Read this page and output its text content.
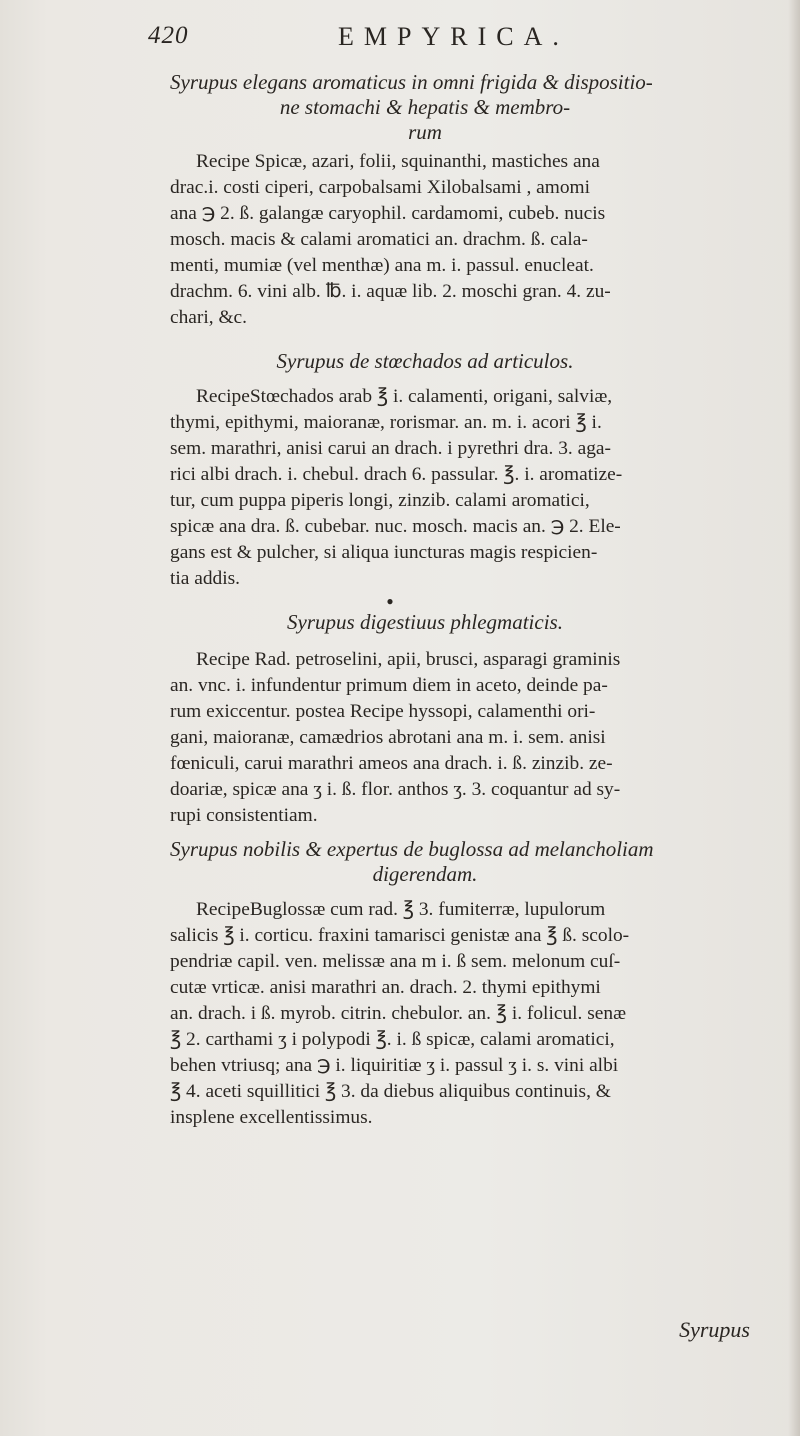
420	EMPYRICA.

Syrupus elegans aromaticus in omni frigida & dispositio-

ne stomachi & hepatis & membro-

rum

Recipe Spicæ, azari, folii, squinanthi, mastiches ana
drac.i. costi ciperi, carpobalsami Xilobalsami , amomi
ana ℈ 2. ß. galangæ caryophil. cardamomi, cubeb. nucis
mosch. macis & calami aromatici an. drachm. ß. cala-
menti, mumiæ (vel menthæ) ana m. i. passul. enucleat.
drachm. 6. vini alb. ℔. i. aquæ lib. 2. moschi gran. 4. zu-
chari, &c.

Syrupus de stœchados ad articulos.

RecipeStœchados arab ℥ i. calamenti, origani, salviæ,
thymi, epithymi, maioranæ, rorismar. an. m. i. acori ℥ i.
sem. marathri, anisi carui an drach. i pyrethri dra. 3. aga-
rici albi drach. i. chebul. drach 6. passular. ℥. i. aromatize-
tur, cum puppa piperis longi, zinzib. calami aromatici,
spicæ ana dra. ß. cubebar. nuc. mosch. macis an. ℈ 2. Ele-
gans est & pulcher, si aliqua iuncturas magis respicien-
tia addis.
●

Syrupus digestiuus phlegmaticis.

Recipe Rad. petroselini, apii, brusci, asparagi graminis
an. vnc. i. infundentur primum diem in aceto, deinde pa-
rum exiccentur. postea Recipe hyssopi, calamenthi ori-
gani, maioranæ, camædrios abrotani ana m. i. sem. anisi
fœniculi, carui marathri ameos ana drach. i. ß. zinzib. ze-
doariæ, spicæ ana ʒ i. ß. flor. anthos ʒ. 3. coquantur ad sy-
rupi consistentiam.

Syrupus nobilis & expertus de buglossa ad melancholiam

digerendam.

RecipeBuglossæ cum rad. ℥ 3. fumiterræ, lupulorum
salicis ℥ i. corticu. fraxini tamarisci genistæ ana ℥ ß. scolo-
pendriæ capil. ven. melissæ ana m i. ß sem. melonum cuſ-
cutæ vrticæ. anisi marathri an. drach. 2. thymi epithymi
an. drach. i ß. myrob. citrin. chebulor. an. ℥ i. folicul. senæ
℥ 2. carthami ʒ i polypodi ℥. i. ß spicæ, calami aromatici,
behen vtriusq; ana ℈ i. liquiritiæ ʒ i. passul ʒ i. s. vini albi
℥ 4. aceti squillitici ℥ 3. da diebus aliquibus continuis, &
insplene excellentissimus.
Syrupus
